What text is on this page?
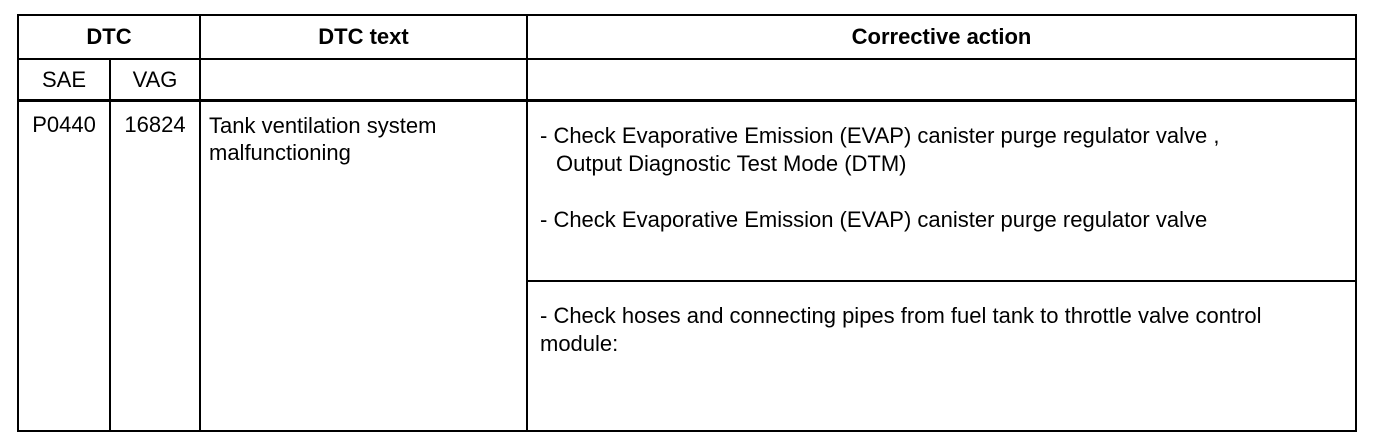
DTC		DTC text	Corrective action
SAE	VAG		
P0440	16824	Tank ventilation system malfunctioning	- Check Evaporative Emission (EVAP) canister purge regulator valve ,
Output Diagnostic Test Mode (DTM)
- Check Evaporative Emission (EVAP) canister purge regulator valve

			- Check hoses and connecting pipes from fuel tank to throttle valve control module:
